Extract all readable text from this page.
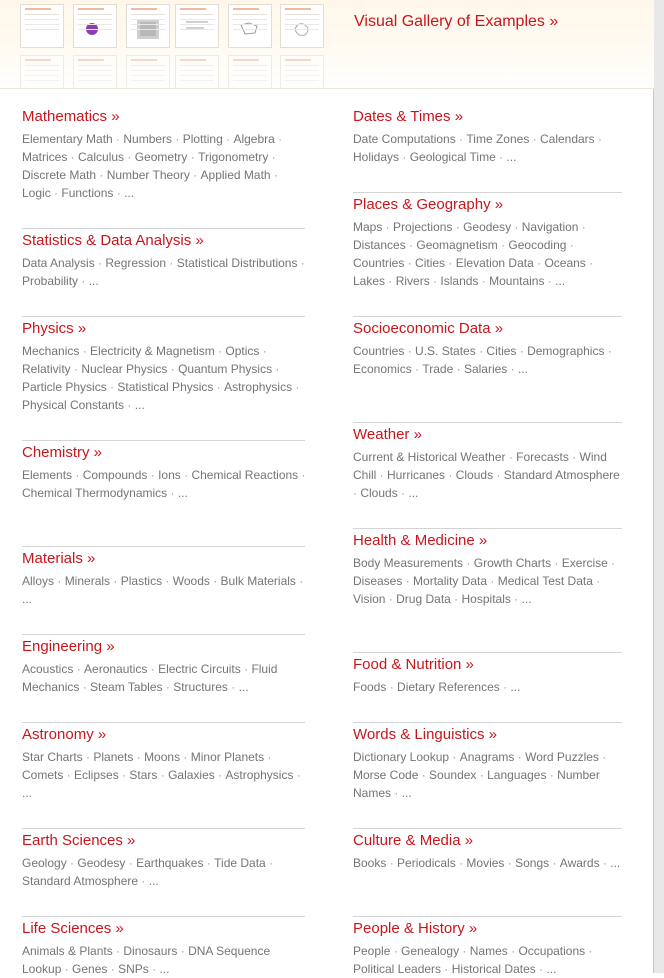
Visual Gallery of Examples »
Mathematics »
Elementary Math · Numbers · Plotting · Algebra · Matrices · Calculus · Geometry · Trigonometry · Discrete Math · Number Theory · Applied Math · Logic · Functions · ...
Statistics & Data Analysis »
Data Analysis · Regression · Statistical Distributions · Probability · ...
Physics »
Mechanics · Electricity & Magnetism · Optics · Relativity · Nuclear Physics · Quantum Physics · Particle Physics · Statistical Physics · Astrophysics · Physical Constants · ...
Chemistry »
Elements · Compounds · Ions · Chemical Reactions · Chemical Thermodynamics · ...
Materials »
Alloys · Minerals · Plastics · Woods · Bulk Materials · ...
Engineering »
Acoustics · Aeronautics · Electric Circuits · Fluid Mechanics · Steam Tables · Structures · ...
Astronomy »
Star Charts · Planets · Moons · Minor Planets · Comets · Eclipses · Stars · Galaxies · Astrophysics · ...
Earth Sciences »
Geology · Geodesy · Earthquakes · Tide Data · Standard Atmosphere · ...
Life Sciences »
Animals & Plants · Dinosaurs · DNA Sequence Lookup · Genes · SNPs · ...
Dates & Times »
Date Computations · Time Zones · Calendars · Holidays · Geological Time · ...
Places & Geography »
Maps · Projections · Geodesy · Navigation · Distances · Geomagnetism · Geocoding · Countries · Cities · Elevation Data · Oceans · Lakes · Rivers · Islands · Mountains · ...
Socioeconomic Data »
Countries · U.S. States · Cities · Demographics · Economics · Trade · Salaries · ...
Weather »
Current & Historical Weather · Forecasts · Wind Chill · Hurricanes · Clouds · Standard Atmosphere · Clouds · ...
Health & Medicine »
Body Measurements · Growth Charts · Exercise · Diseases · Mortality Data · Medical Test Data · Vision · Drug Data · Hospitals · ...
Food & Nutrition »
Foods · Dietary References · ...
Words & Linguistics »
Dictionary Lookup · Anagrams · Word Puzzles · Morse Code · Soundex · Languages · Number Names · ...
Culture & Media »
Books · Periodicals · Movies · Songs · Awards · ...
People & History »
People · Genealogy · Names · Occupations · Political Leaders · Historical Dates · ...
